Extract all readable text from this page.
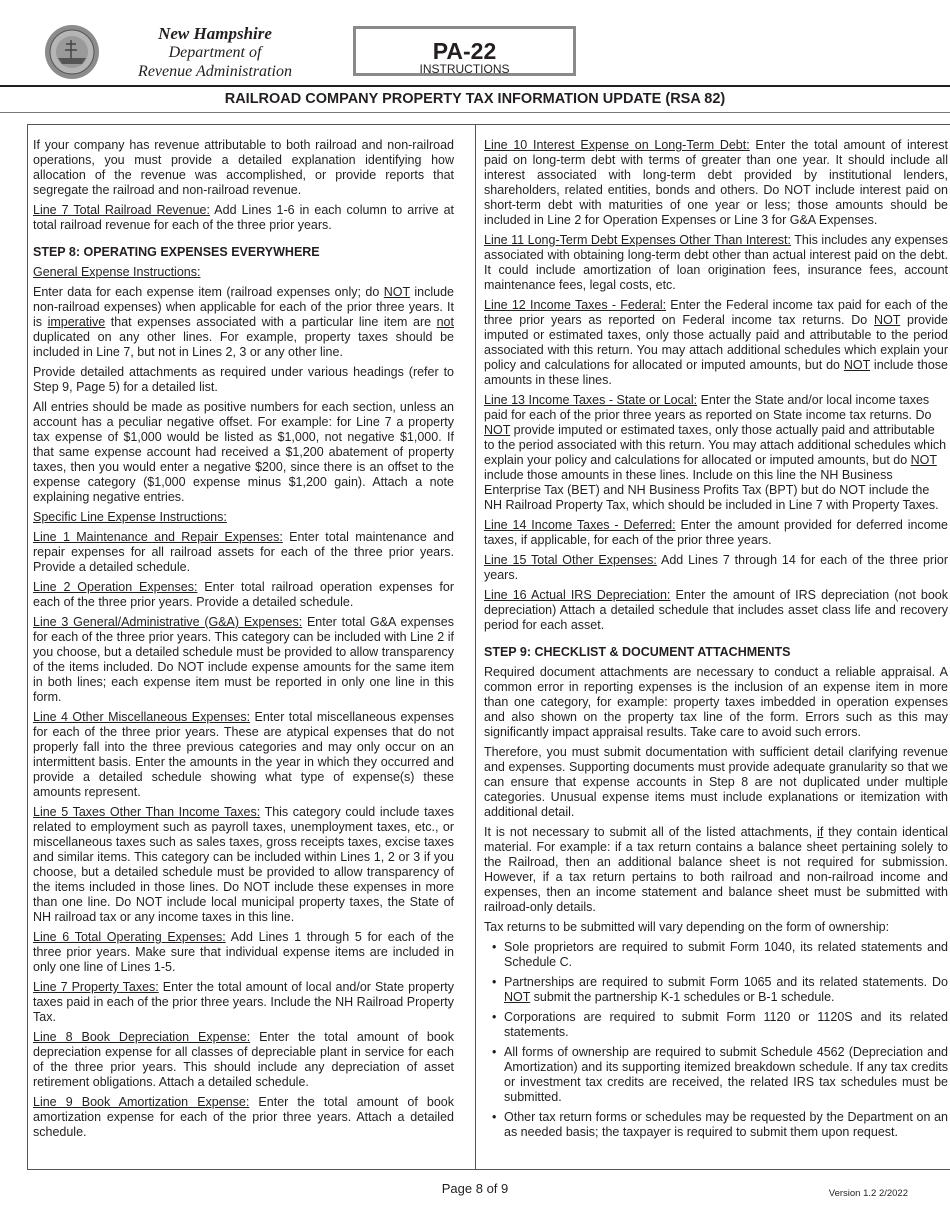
New Hampshire
Department of
Revenue Administration
PA-22
INSTRUCTIONS
RAILROAD COMPANY PROPERTY TAX INFORMATION UPDATE (RSA 82)

If your company has revenue attributable to both railroad and non-railroad operations, you must provide a detailed explanation identifying how allocation of the revenue was accomplished, or provide reports that segregate the railroad and non-railroad revenue.

Line 7 Total Railroad Revenue: Add Lines 1-6 in each column to arrive at total railroad revenue for each of the three prior years.

STEP 8: OPERATING EXPENSES EVERYWHERE

General Expense Instructions:

Enter data for each expense item (railroad expenses only; do NOT include non-railroad expenses) when applicable for each of the prior three years. It is imperative that expenses associated with a particular line item are not duplicated on any other lines. For example, property taxes should be included in Line 7, but not in Lines 2, 3 or any other line.

Provide detailed attachments as required under various headings (refer to Step 9, Page 5) for a detailed list.

All entries should be made as positive numbers for each section, unless an account has a peculiar negative offset. For example: for Line 7 a property tax expense of $1,000 would be listed as $1,000, not negative $1,000. If that same expense account had received a $1,200 abatement of property taxes, then you would enter a negative $200, since there is an offset to the expense category ($1,000 expense minus $1,200 gain). Attach a note explaining negative entries.

Specific Line Expense Instructions:

Line 1 Maintenance and Repair Expenses: Enter total maintenance and repair expenses for all railroad assets for each of the three prior years. Provide a detailed schedule.

Line 2 Operation Expenses: Enter total railroad operation expenses for each of the three prior years. Provide a detailed schedule.

Line 3 General/Administrative (G&A) Expenses: Enter total G&A expenses for each of the three prior years. This category can be included with Line 2 if you choose, but a detailed schedule must be provided to allow transparency of the items included. Do NOT include expense amounts for the same item in both lines; each expense item must be reported in only one line in this form.

Line 4 Other Miscellaneous Expenses: Enter total miscellaneous expenses for each of the three prior years. These are atypical expenses that do not properly fall into the three previous categories and may only occur on an intermittent basis. Enter the amounts in the year in which they occurred and provide a detailed schedule showing what type of expense(s) these amounts represent.

Line 5 Taxes Other Than Income Taxes: This category could include taxes related to employment such as payroll taxes, unemployment taxes, etc., or miscellaneous taxes such as sales taxes, gross receipts taxes, excise taxes and similar items. This category can be included within Lines 1, 2 or 3 if you choose, but a detailed schedule must be provided to allow transparency of the items included in those lines. Do NOT include these expenses in more than one line. Do NOT include local municipal property taxes, the State of NH railroad tax or any income taxes in this line.

Line 6 Total Operating Expenses: Add Lines 1 through 5 for each of the three prior years. Make sure that individual expense items are included in only one line of Lines 1-5.

Line 7 Property Taxes: Enter the total amount of local and/or State property taxes paid in each of the prior three years. Include the NH Railroad Property Tax.

Line 8 Book Depreciation Expense: Enter the total amount of book depreciation expense for all classes of depreciable plant in service for each of the three prior years. This should include any depreciation of asset retirement obligations. Attach a detailed schedule.

Line 9 Book Amortization Expense: Enter the total amount of book amortization expense for each of the prior three years. Attach a detailed schedule.

Line 10 Interest Expense on Long-Term Debt: Enter the total amount of interest paid on long-term debt with terms of greater than one year. It should include all interest associated with long-term debt provided by institutional lenders, shareholders, related entities, bonds and others. Do NOT include interest paid on short-term debt with maturities of one year or less; those amounts should be included in Line 2 for Operation Expenses or Line 3 for G&A Expenses.

Line 11 Long-Term Debt Expenses Other Than Interest: This includes any expenses associated with obtaining long-term debt other than actual interest paid on the debt. It could include amortization of loan origination fees, insurance fees, account maintenance fees, legal costs, etc.

Line 12 Income Taxes - Federal: Enter the Federal income tax paid for each of the three prior years as reported on Federal income tax returns. Do NOT provide imputed or estimated taxes, only those actually paid and attributable to the period associated with this return. You may attach additional schedules which explain your policy and calculations for allocated or imputed amounts, but do NOT include those amounts in these lines.

Line 13 Income Taxes - State or Local: Enter the State and/or local income taxes paid for each of the prior three years as reported on State income tax returns. Do NOT provide imputed or estimated taxes, only those actually paid and attributable to the period associated with this return. You may attach additional schedules which explain your policy and calculations for allocated or imputed amounts, but do NOT include those amounts in these lines. Include on this line the NH Business Enterprise Tax (BET) and NH Business Profits Tax (BPT) but do NOT include the NH Railroad Property Tax, which should be included in Line 7 with Property Taxes.

Line 14 Income Taxes - Deferred: Enter the amount provided for deferred income taxes, if applicable, for each of the prior three years.

Line 15 Total Other Expenses: Add Lines 7 through 14 for each of the three prior years.

Line 16 Actual IRS Depreciation: Enter the amount of IRS depreciation (not book depreciation) Attach a detailed schedule that includes asset class life and recovery period for each asset.

STEP 9: CHECKLIST & DOCUMENT ATTACHMENTS

Required document attachments are necessary to conduct a reliable appraisal. A common error in reporting expenses is the inclusion of an expense item in more than one category, for example: property taxes imbedded in operation expenses and also shown on the property tax line of the form. Errors such as this may significantly impact appraisal results. Take care to avoid such errors.

Therefore, you must submit documentation with sufficient detail clarifying revenue and expenses. Supporting documents must provide adequate granularity so that we can ensure that expense accounts in Step 8 are not duplicated under multiple categories. Unusual expense items must include explanations or itemization with additional detail.

It is not necessary to submit all of the listed attachments, if they contain identical material. For example: if a tax return contains a balance sheet pertaining solely to the Railroad, then an additional balance sheet is not required for submission. However, if a tax return pertains to both railroad and non-railroad income and expenses, then an income statement and balance sheet must be submitted with railroad-only details.

Tax returns to be submitted will vary depending on the form of ownership:

• Sole proprietors are required to submit Form 1040, its related statements and Schedule C.
• Partnerships are required to submit Form 1065 and its related statements. Do NOT submit the partnership K-1 schedules or B-1 schedule.
• Corporations are required to submit Form 1120 or 1120S and its related statements.
• All forms of ownership are required to submit Schedule 4562 (Depreciation and Amortization) and its supporting itemized breakdown schedule. If any tax credits or investment tax credits are received, the related IRS tax schedules must be submitted.
• Other tax return forms or schedules may be requested by the Department on an as needed basis; the taxpayer is required to submit them upon request.
Page 8 of 9	Version 1.2 2/2022
